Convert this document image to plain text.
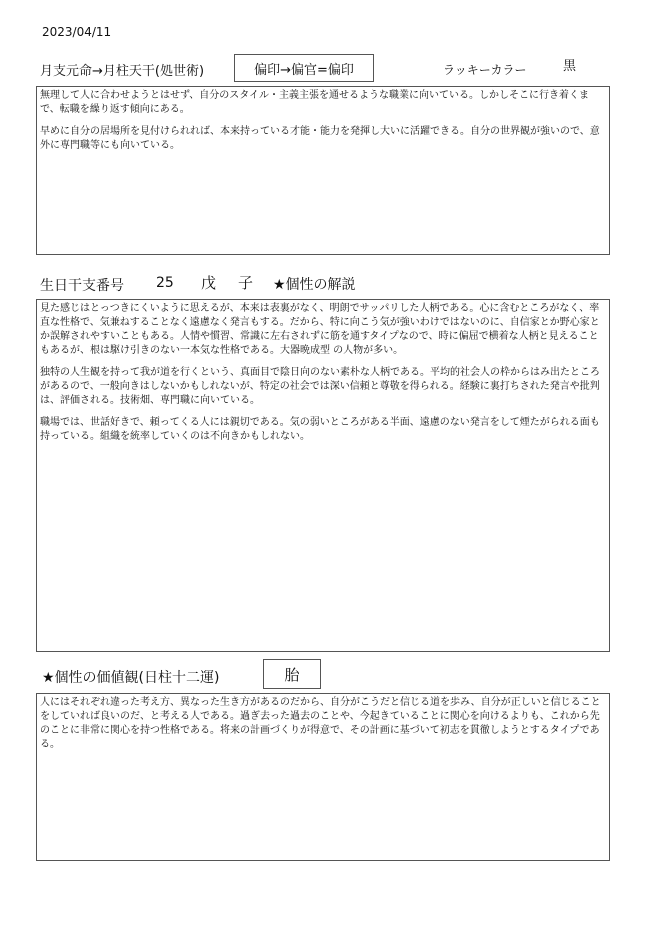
2023/04/11
月支元命→月柱天干(処世術)	偏印→偏官=偏印	ラッキーカラー	黒

無理して人に合わせようとはせず、自分のスタイル・主義主張を通せるような職業に向いている。しかしそこに行き着くまで、転職を繰り返す傾向にある。

早めに自分の居場所を見付けられれば、本来持っている才能・能力を発揮し大いに活躍できる。自分の世界観が強いので、意外に専門職等にも向いている。

生日干支番号 25 戊 子 ★個性の解説

見た感じはとっつきにくいように思えるが、本来は表裏がなく、明朗でサッパリした人柄である。心に含むところがなく、率直な性格で、気兼ねすることなく遠慮なく発言もする。だから、特に向こう気が強いわけではないのに、自信家とか野心家とか誤解されやすいこともある。人情や慣習、常識に左右されずに筋を通すタイプなので、時に偏屈で横着な人柄と見えることもあるが、根は駆け引きのない一本気な性格である。大器晩成型 の人物が多い。

独特の人生観を持って我が道を行くという、真面目で陰日向のない素朴な人柄である。平均的社会人の枠からはみ出たところがあるので、一般向きはしないかもしれないが、特定の社会では深い信頼と尊敬を得られる。経験に裏打ちされた発言や批判は、評価される。技術畑、専門職に向いている。

職場では、世話好きで、頼ってくる人には親切である。気の弱いところがある半面、遠慮のない発言をして煙たがられる面も持っている。組織を統率していくのは不向きかもしれない。

★個性の価値観(日柱十二運)	胎

人にはそれぞれ違った考え方、異なった生き方があるのだから、自分がこうだと信じる道を歩み、自分が正しいと信じることをしていれば良いのだ、と考える人である。過ぎ去った過去のことや、今起きていることに関心を向けるよりも、これから先のことに非常に関心を持つ性格である。将来の計画づくりが得意で、その計画に基づいて初志を貫徹しようとするタイプである。
